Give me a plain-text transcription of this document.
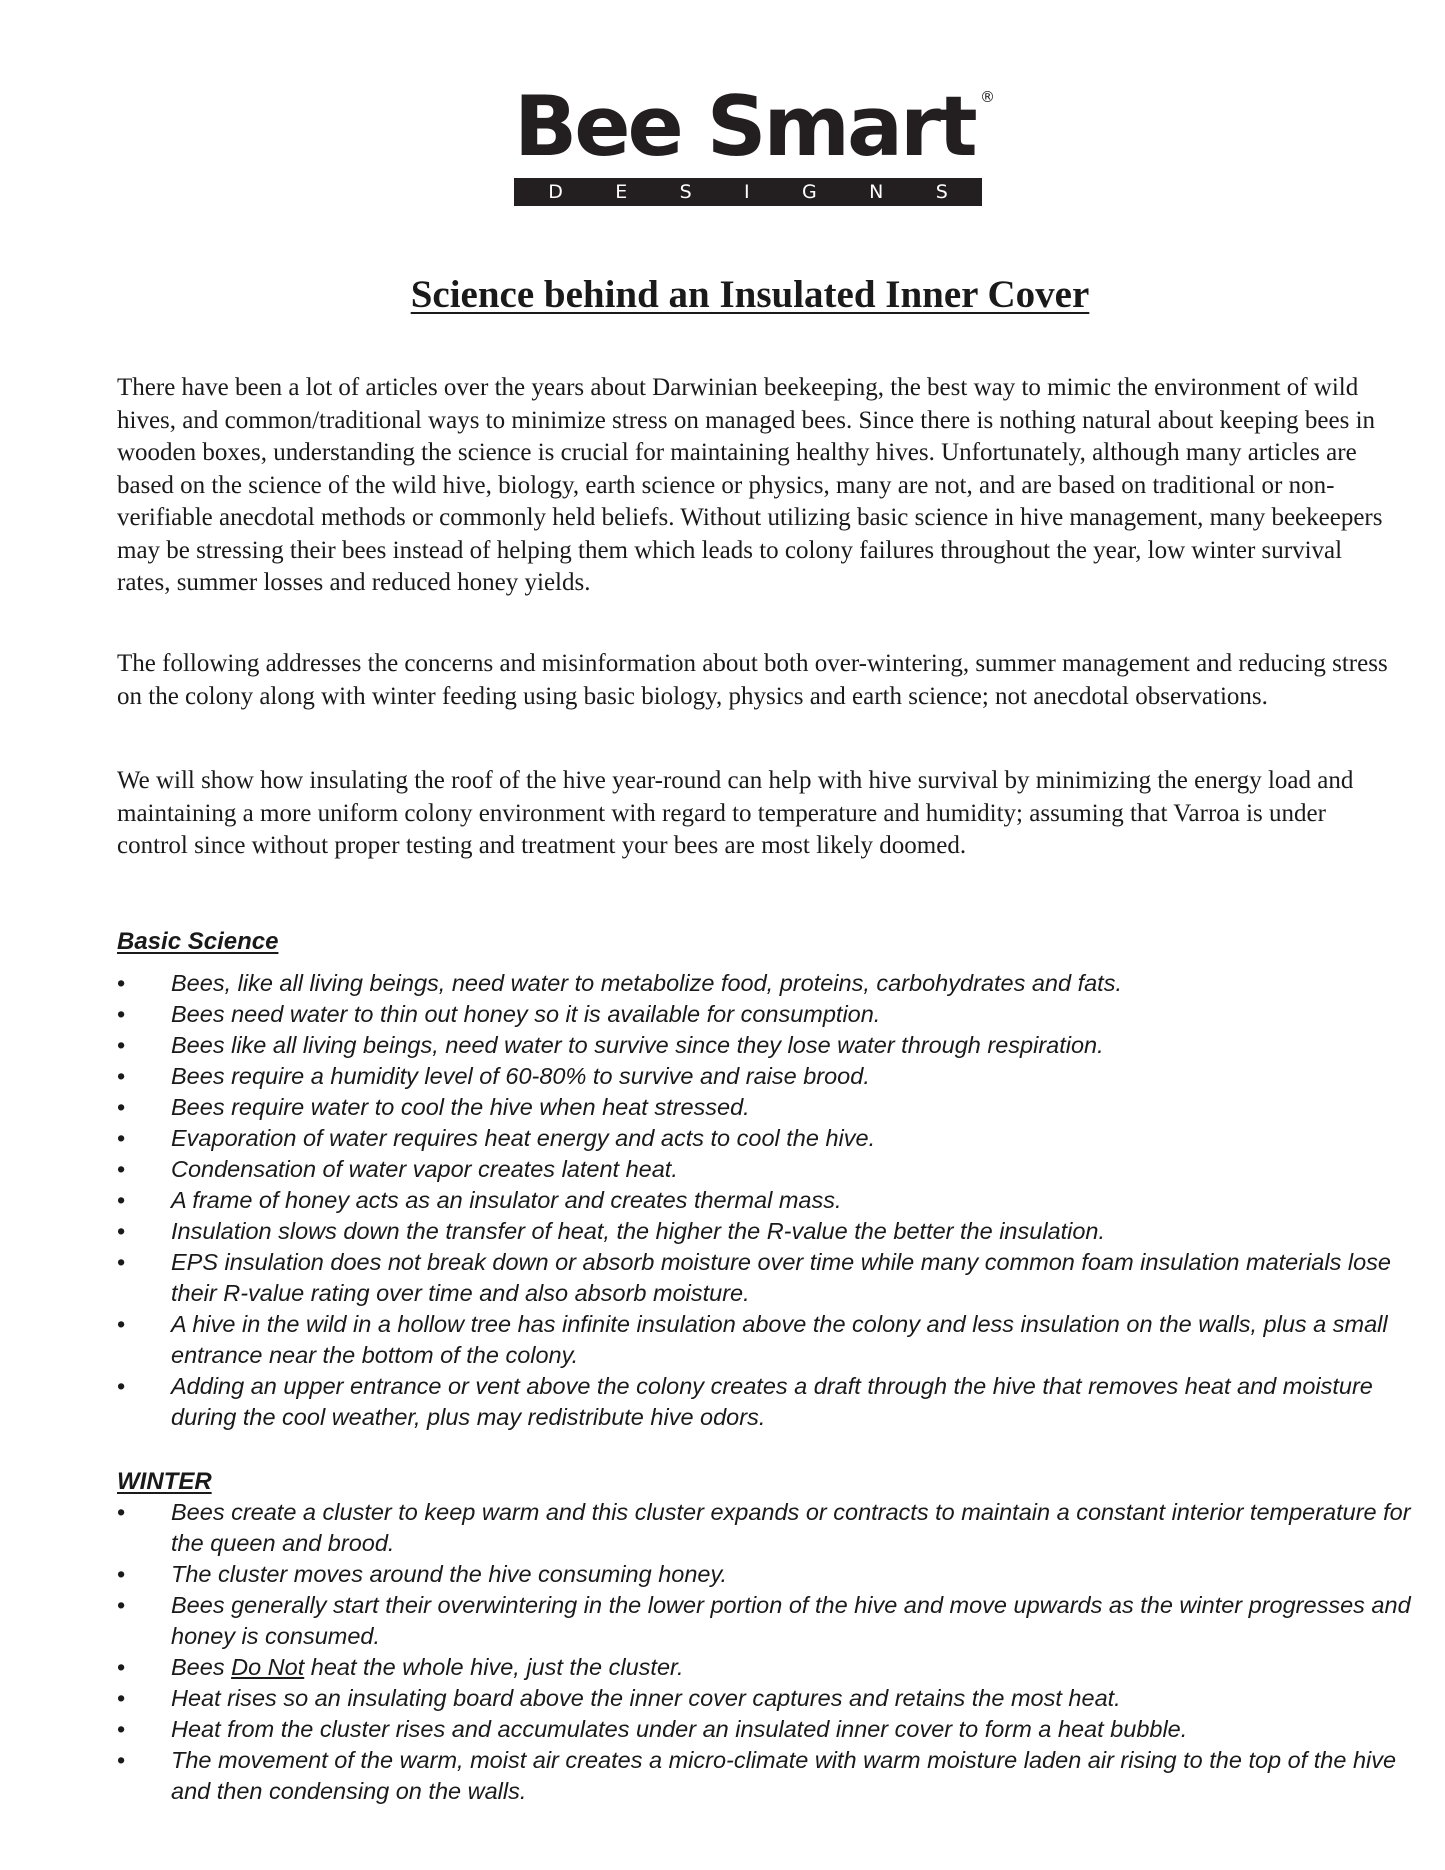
Bee Smart ®
D	E	S	I	G	N	S
Science behind an Insulated Inner Cover

There have been a lot of articles over the years about Darwinian beekeeping, the best way to mimic the environment of wild hives, and common/traditional ways to minimize stress on managed bees. Since there is nothing natural about keeping bees in wooden boxes, understanding the science is crucial for maintaining healthy hives. Unfortunately, although many articles are based on the science of the wild hive, biology, earth science or physics, many are not, and are based on traditional or non-verifiable anecdotal methods or commonly held beliefs. Without utilizing basic science in hive management, many beekeepers may be stressing their bees instead of helping them which leads to colony failures throughout the year, low winter survival rates, summer losses and reduced honey yields.

The following addresses the concerns and misinformation about both over-wintering, summer management and reducing stress on the colony along with winter feeding using basic biology, physics and earth science; not anecdotal observations.

We will show how insulating the roof of the hive year-round can help with hive survival by minimizing the energy load and maintaining a more uniform colony environment with regard to temperature and humidity; assuming that Varroa is under control since without proper testing and treatment your bees are most likely doomed.

Basic Science
• Bees, like all living beings, need water to metabolize food, proteins, carbohydrates and fats.
• Bees need water to thin out honey so it is available for consumption.
• Bees like all living beings, need water to survive since they lose water through respiration.
• Bees require a humidity level of 60-80% to survive and raise brood.
• Bees require water to cool the hive when heat stressed.
• Evaporation of water requires heat energy and acts to cool the hive.
• Condensation of water vapor creates latent heat.
• A frame of honey acts as an insulator and creates thermal mass.
• Insulation slows down the transfer of heat, the higher the R-value the better the insulation.
• EPS insulation does not break down or absorb moisture over time while many common foam insulation materials lose their R-value rating over time and also absorb moisture.
• A hive in the wild in a hollow tree has infinite insulation above the colony and less insulation on the walls, plus a small entrance near the bottom of the colony.
• Adding an upper entrance or vent above the colony creates a draft through the hive that removes heat and moisture during the cool weather, plus may redistribute hive odors.
WINTER
• Bees create a cluster to keep warm and this cluster expands or contracts to maintain a constant interior temperature for the queen and brood.
• The cluster moves around the hive consuming honey.
• Bees generally start their overwintering in the lower portion of the hive and move upwards as the winter progresses and honey is consumed.
• Bees Do Not heat the whole hive, just the cluster.
• Heat rises so an insulating board above the inner cover captures and retains the most heat.
• Heat from the cluster rises and accumulates under an insulated inner cover to form a heat bubble.
• The movement of the warm, moist air creates a micro-climate with warm moisture laden air rising to the top of the hive and then condensing on the walls.
